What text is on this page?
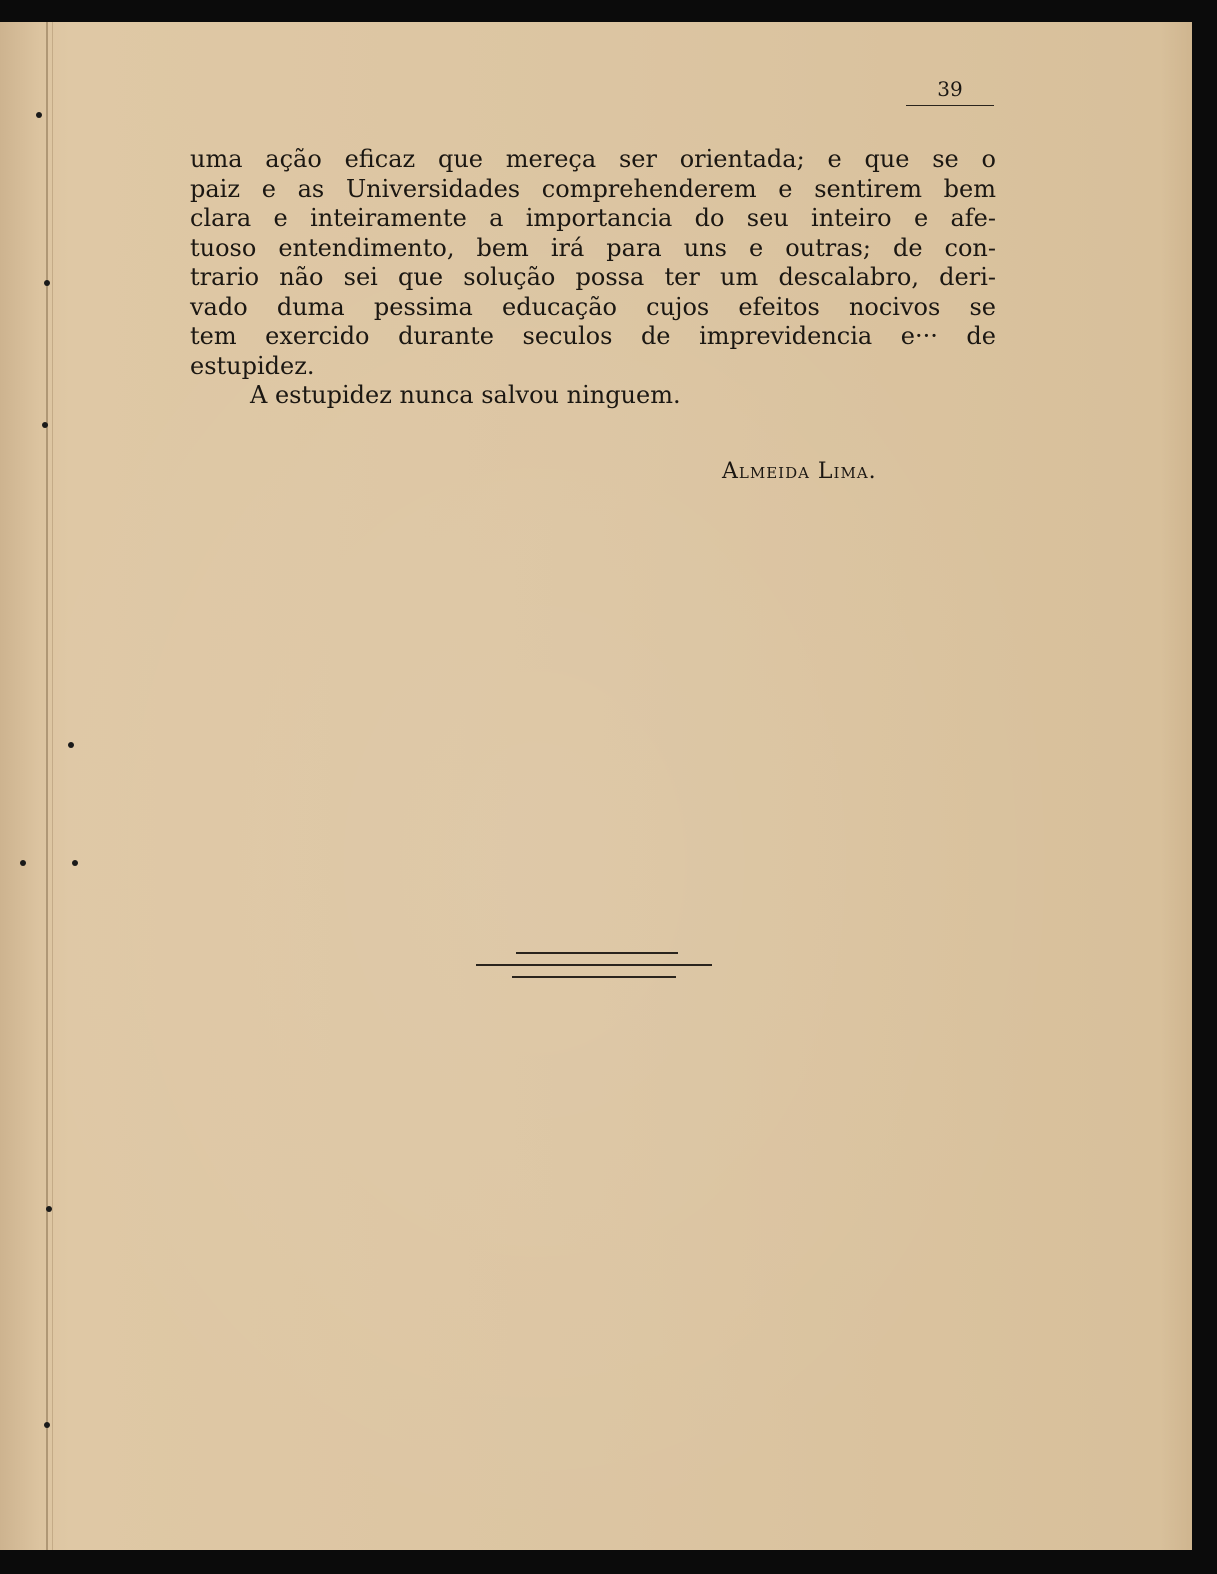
39
uma ação eficaz que mereça ser orientada; e que se o
paiz e as Universidades comprehenderem e sentirem bem
clara e inteiramente a importancia do seu inteiro e afe-
tuoso entendimento, bem irá para uns e outras; de con-
trario não sei que solução possa ter um descalabro, deri-
vado duma pessima educação cujos efeitos nocivos se
tem exercido durante seculos de imprevidencia e··· de
estupidez.
A estupidez nunca salvou ninguem.
Almeida Lima.
